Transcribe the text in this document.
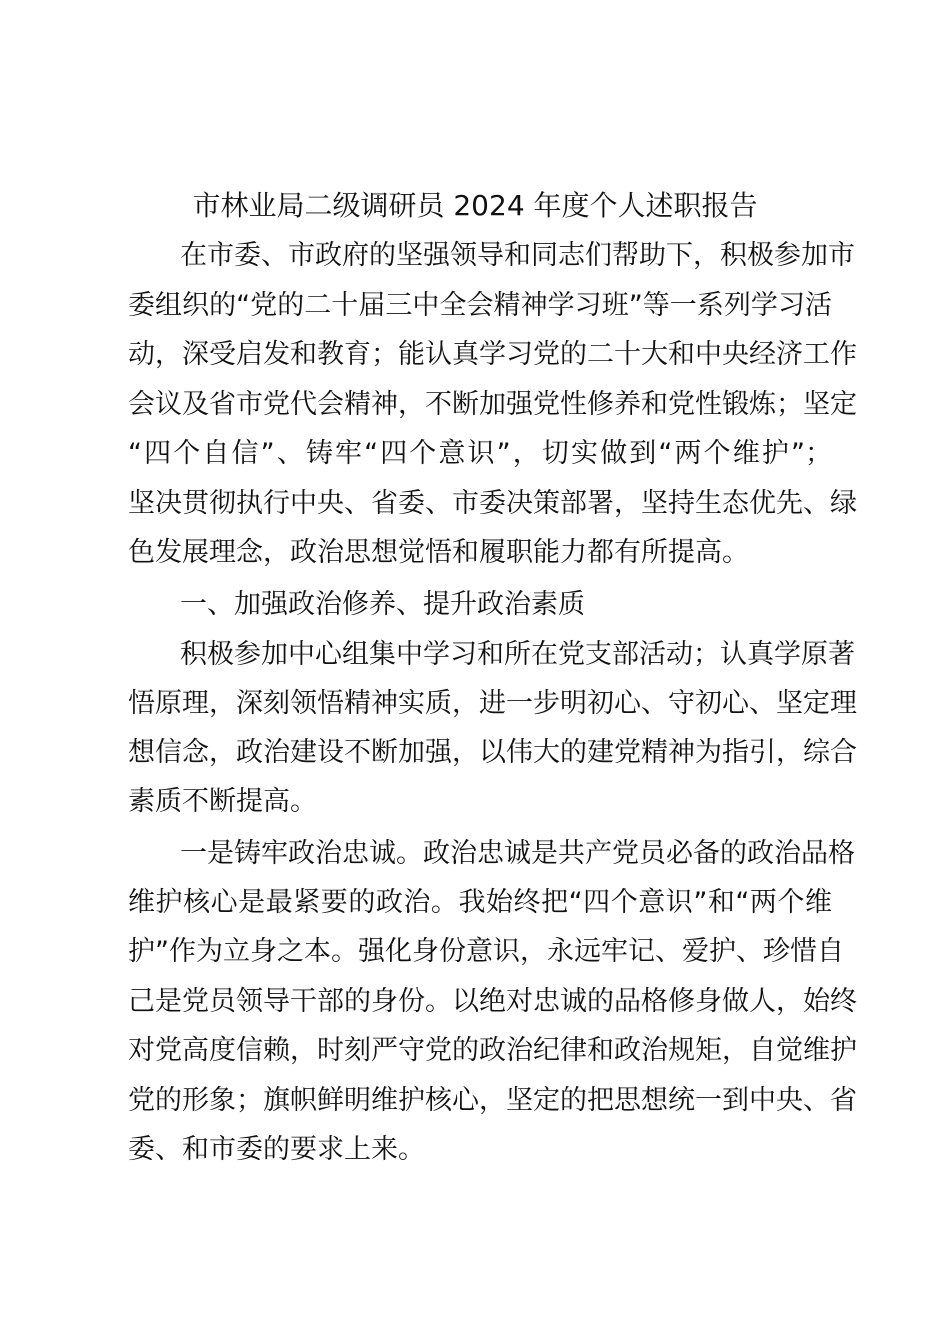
市林业局二级调研员 2024 年度个人述职报告
在市委、市政府的坚强领导和同志们帮助下，积极参加市
委组织的“党的二十届三中全会精神学习班”等一系列学习活
动，深受启发和教育；能认真学习党的二十大和中央经济工作
会议及省市党代会精神，不断加强党性修养和党性锻炼；坚定
“四个自信”、铸牢“四个意识”，切实做到“两个维护”；
坚决贯彻执行中央、省委、市委决策部署，坚持生态优先、绿
色发展理念，政治思想觉悟和履职能力都有所提高。
一、加强政治修养、提升政治素质
积极参加中心组集中学习和所在党支部活动；认真学原著
悟原理，深刻领悟精神实质，进一步明初心、守初心、坚定理
想信念，政治建设不断加强，以伟大的建党精神为指引，综合
素质不断提高。
一是铸牢政治忠诚。政治忠诚是共产党员必备的政治品格
维护核心是最紧要的政治。我始终把“四个意识”和“两个维
护”作为立身之本。强化身份意识，永远牢记、爱护、珍惜自
己是党员领导干部的身份。以绝对忠诚的品格修身做人，始终
对党高度信赖，时刻严守党的政治纪律和政治规矩，自觉维护
党的形象；旗帜鲜明维护核心，坚定的把思想统一到中央、省
委、和市委的要求上来。
